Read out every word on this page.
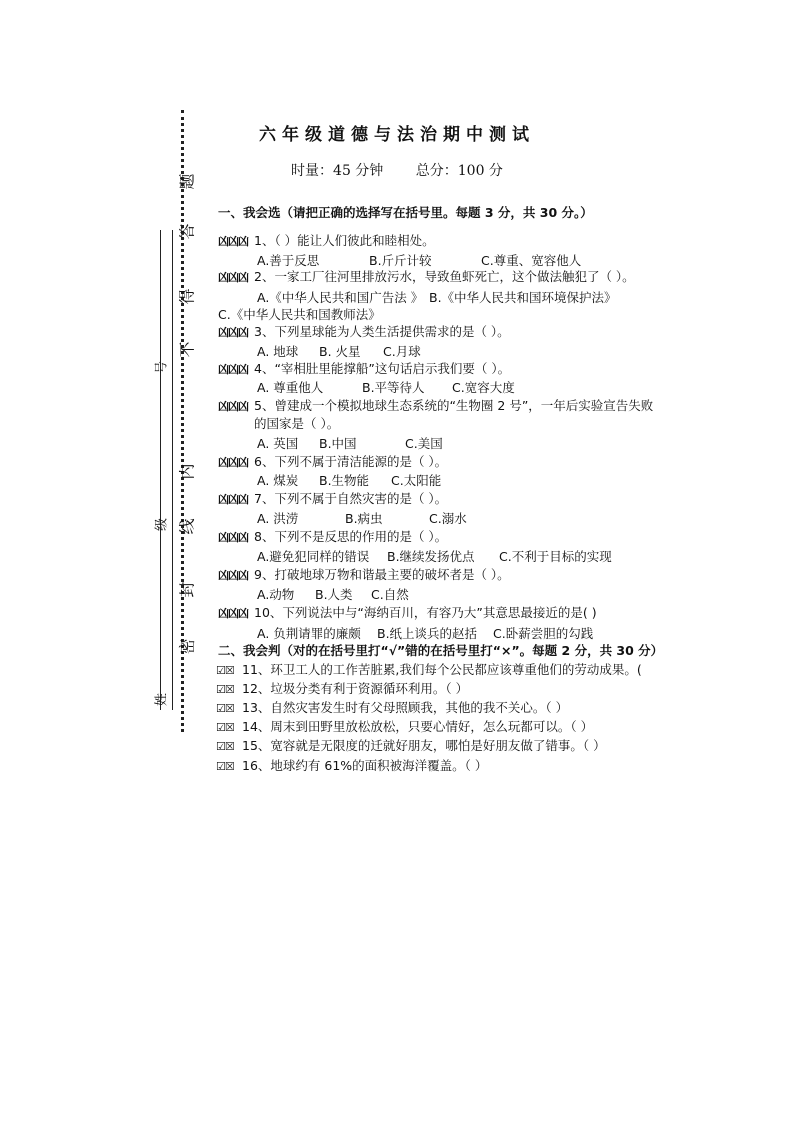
题
答
得
不
内
线
封
密
号
级
姓
六年级道德与法治期中测试
时量：45 分钟 总分：100 分
一、我会选（请把正确的选择写在括号里。每题 3 分，共 30 分。）
凶凶凶 1、（ ）能让人们彼此和睦相处。
A.善于反思	B.斤斤计较	C.尊重、宽容他人
凶凶凶 2、一家工厂往河里排放污水，导致鱼虾死亡，这个做法触犯了（ ）。
A.《中华人民共和国广告法 》 B.《中华人民共和国环境保护法》
C.《中华人民共和国教师法》
凶凶凶 3、下列星球能为人类生活提供需求的是（ ）。
A. 地球 B. 火星 C.月球
凶凶凶 4、“宰相肚里能撑船”这句话启示我们要（ ）。
A. 尊重他人	B.平等待人 C.宽容大度
凶凶凶 5、曾建成一个模拟地球生态系统的“生物圈 2 号”，一年后实验宣告失败
的国家是（ ）。
A. 英国 B.中国	C.美国
凶凶凶 6、下列不属于清洁能源的是（ ）。
A. 煤炭 B.生物能 C.太阳能
凶凶凶 7、下列不属于自然灾害的是（ ）。
A. 洪涝	B.病虫	C.溺水
凶凶凶 8、下列不是反思的作用的是（ ）。
A.避免犯同样的错误 B.继续发扬优点 C.不利于目标的实现
凶凶凶 9、打破地球万物和谐最主要的破坏者是（ ）。
A.动物 B.人类 C.自然
凶凶凶 10、下列说法中与“海纳百川，有容乃大”其意思最接近的是( )
A. 负荆请罪的廉颇 B.纸上谈兵的赵括 C.卧薪尝胆的勾践
二、我会判（对的在括号里打“√”错的在括号里打“×”。每题 2 分，共 30 分）
☑☒ 11、环卫工人的工作苦脏累,我们每个公民都应该尊重他们的劳动成果。(
☑☒ 12、垃圾分类有利于资源循环利用。（ ）
☑☒ 13、自然灾害发生时有父母照顾我，其他的我不关心。（ ）
☑☒ 14、周末到田野里放松放松，只要心情好，怎么玩都可以。（ ）
☑☒ 15、宽容就是无限度的迁就好朋友，哪怕是好朋友做了错事。（ ）
☑☒ 16、地球约有 61%的面积被海洋覆盖。（ ）
